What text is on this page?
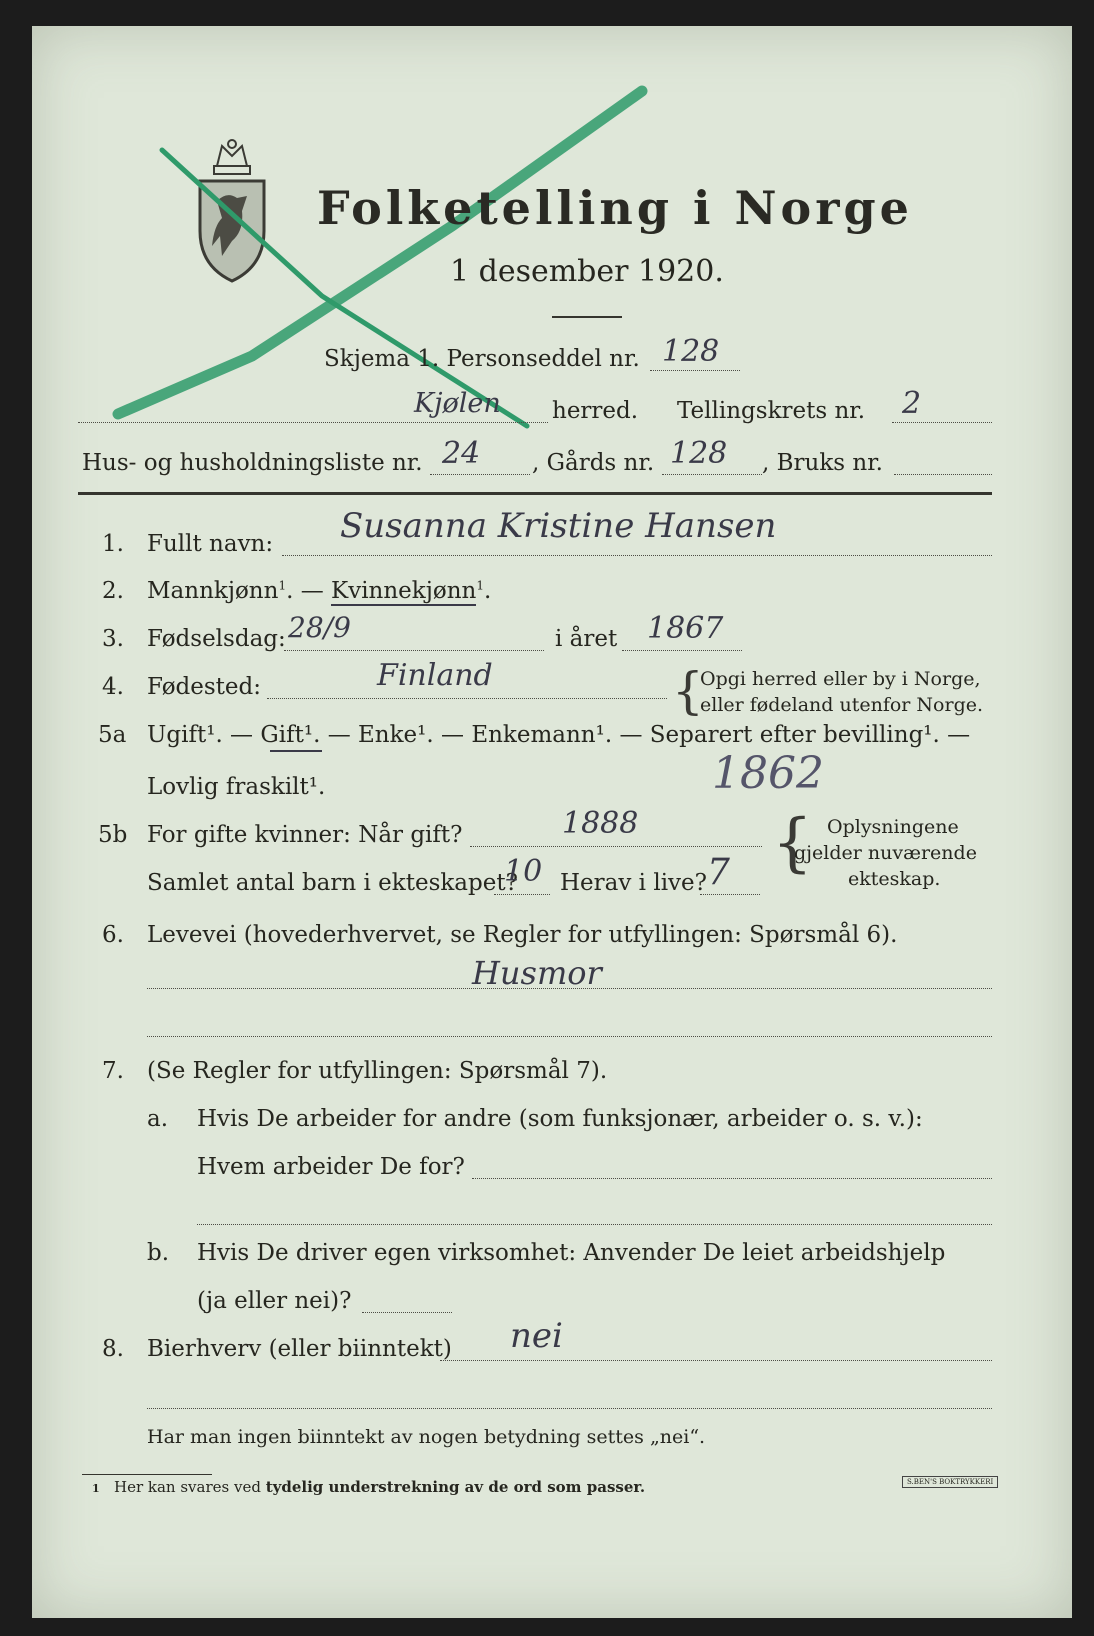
Folketelling i Norge
1 desember 1920.
Skjema 1. Personseddel nr. 128
Kjølen herred. Tellingskrets nr. 2
Hus- og husholdningsliste nr. 24 , Gårds nr. 128 , Bruks nr.
1. Fullt navn: Susanna Kristine Hansen
2. Mannkjønn$^1$. — Kvinnekjønn$^1$.
3. Fødselsdag: 28/9	i året 1867
4. Fødested:	Finland	{
Opgi herred eller by i Norge,
eller fødeland utenfor Norge.
5a Ugift¹. — Gift¹. — Enke¹. — Enkemann¹. — Separert efter bevilling¹. —
Lovlig fraskilt¹.	1862
5b For gifte kvinner: Når gift?	1888 { Oplysningene
gjelder nuværende
ekteskap.
Samlet antal barn i ekteskapet?
10 Herav i live? 7
6. Levevei (hovederhvervet, se Regler for utfyllingen: Spørsmål 6).
Husmor
7. (Se Regler for utfyllingen: Spørsmål 7).
a. Hvis De arbeider for andre (som funksjonær, arbeider o. s. v.):
Hvem arbeider De for?
b. Hvis De driver egen virksomhet: Anvender De leiet arbeidshjelp
(ja eller nei)?
8. Bierhverv (eller biinntekt) nei
Har man ingen biinntekt av nogen betydning settes „nei“.
1 Her kan svares ved tydelig understrekning av de ord som passer.	S.BEN'S BOKTRYKKERI
